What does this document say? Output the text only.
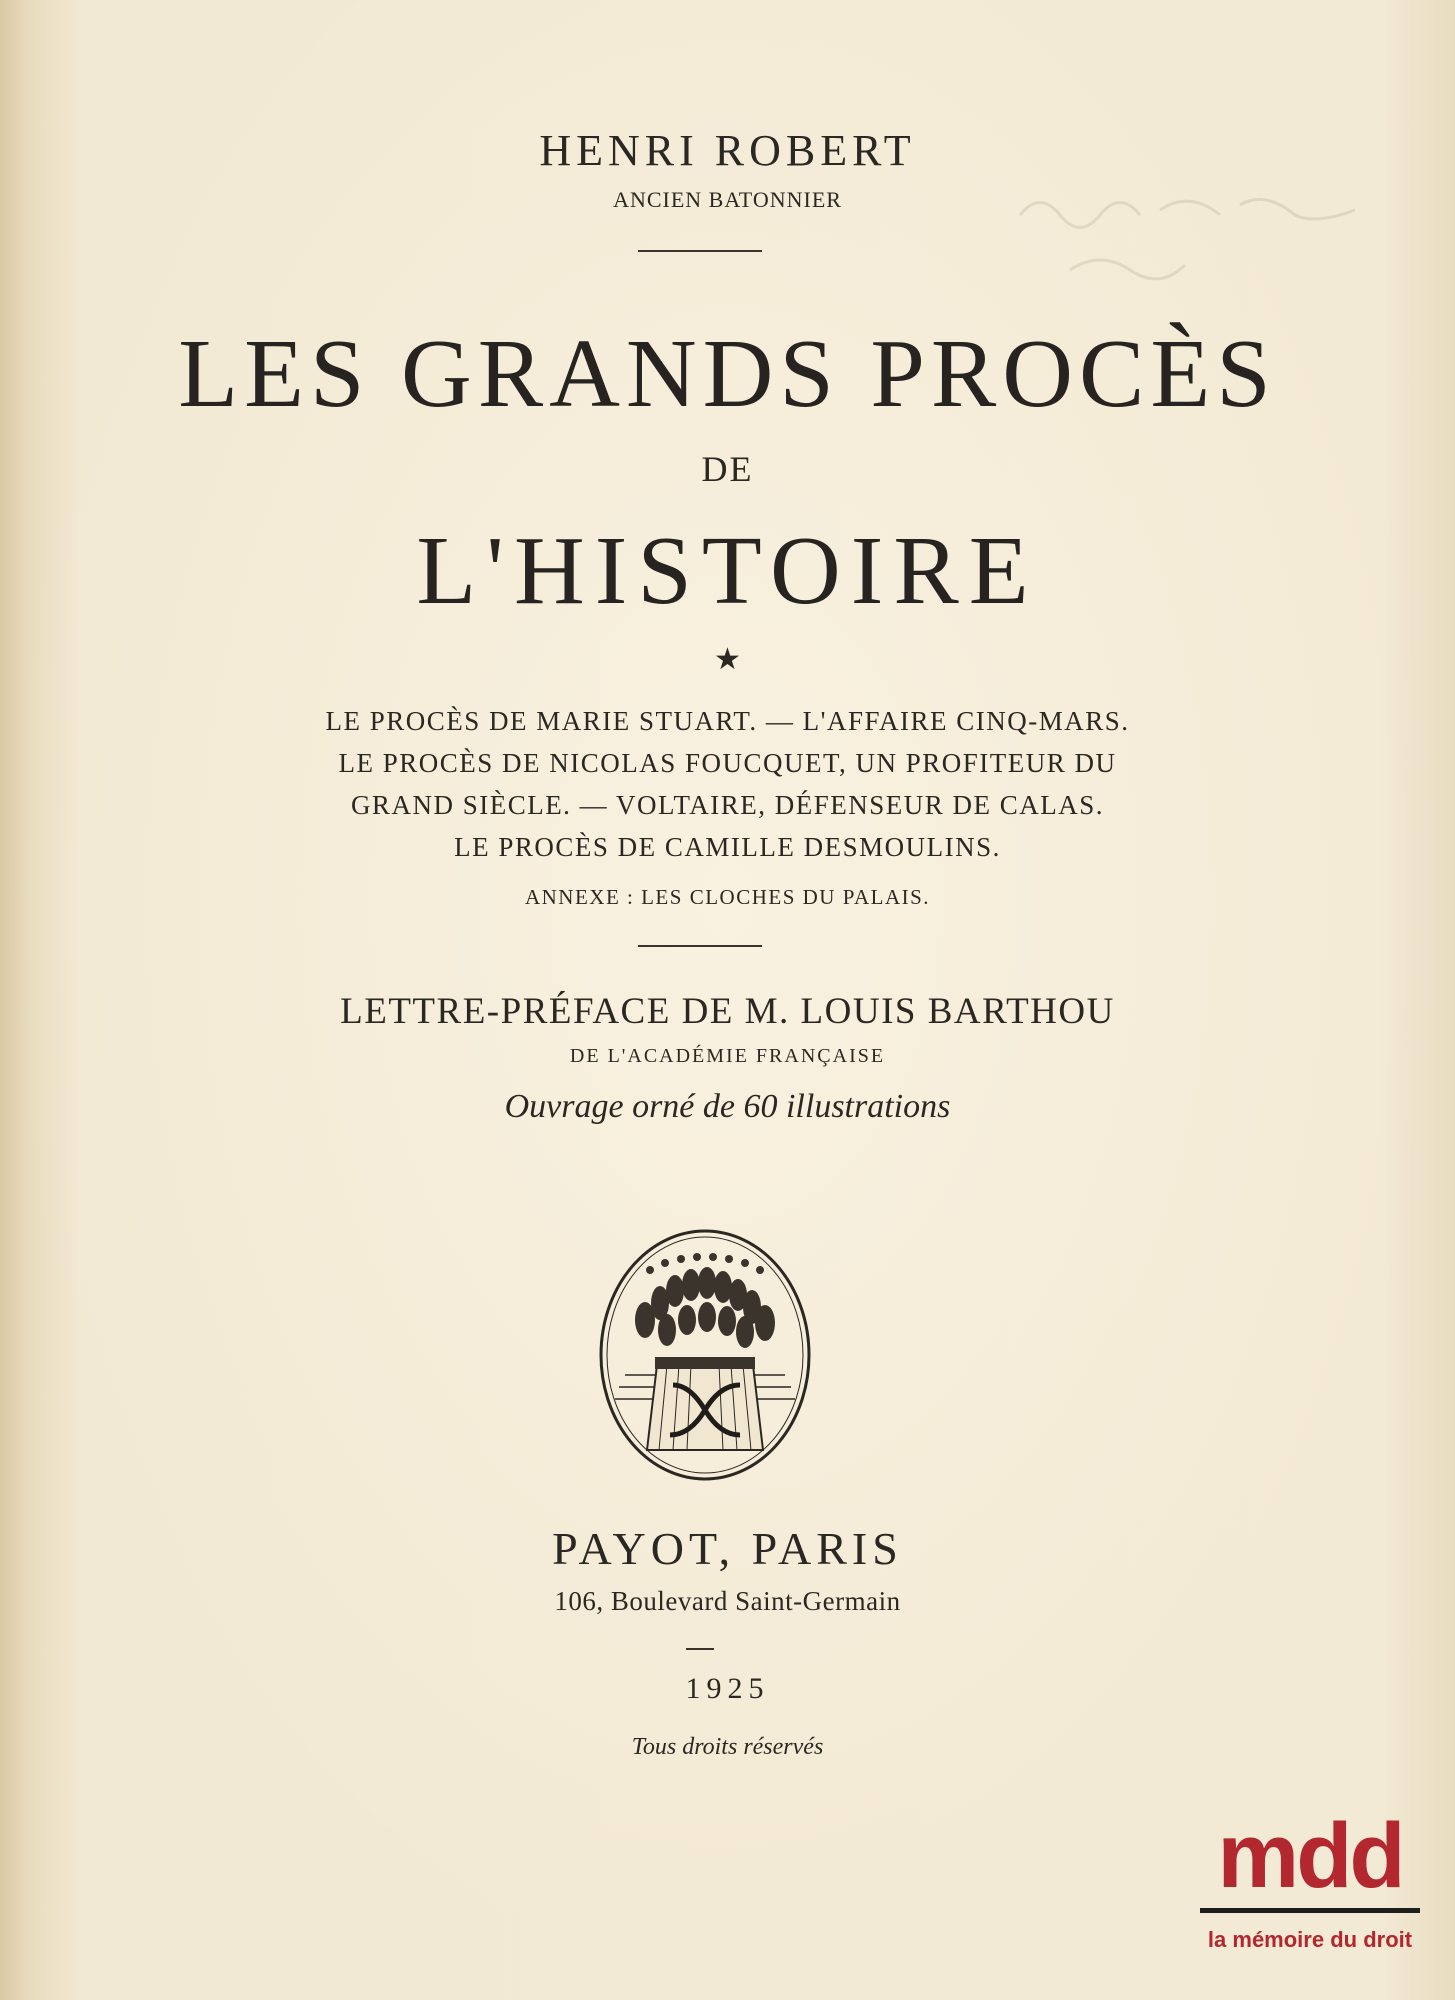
HENRI ROBERT
ANCIEN BATONNIER
LES GRANDS PROCÈS
DE
L'HISTOIRE
★
LE PROCÈS DE MARIE STUART. — L'AFFAIRE CINQ-MARS.
LE PROCÈS DE NICOLAS FOUCQUET, UN PROFITEUR DU
GRAND SIÈCLE. — VOLTAIRE, DÉFENSEUR DE CALAS.
LE PROCÈS DE CAMILLE DESMOULINS.
ANNEXE : LES CLOCHES DU PALAIS.
LETTRE-PRÉFACE DE M. LOUIS BARTHOU
DE L'ACADÉMIE FRANÇAISE
Ouvrage orné de 60 illustrations
PAYOT, PARIS
106, Boulevard Saint-Germain
1925
Tous droits réservés
mdd
la mémoire du droit
